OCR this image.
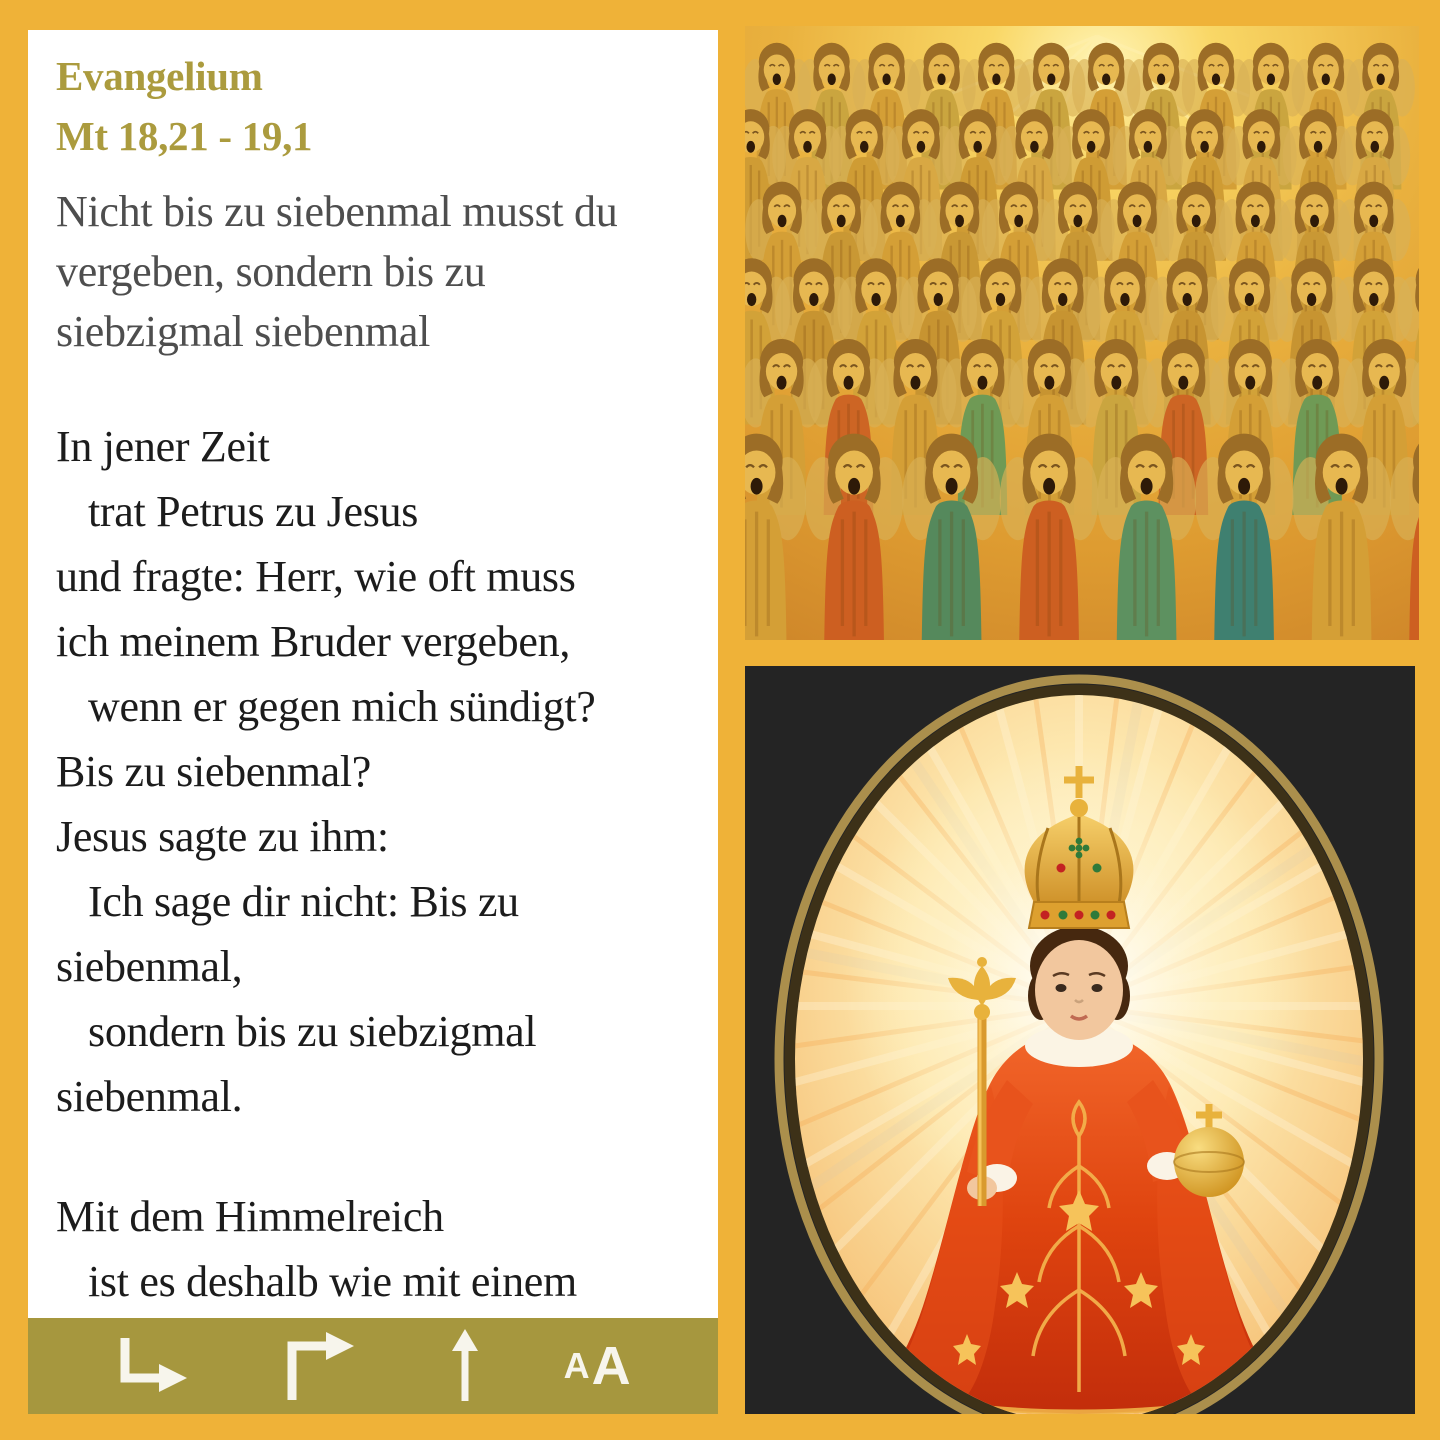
Evangelium
Mt 18,21 - 19,1
Nicht bis zu siebenmal musst du
vergeben, sondern bis zu
siebzigmal siebenmal
In jener Zeit
trat Petrus zu Jesus
und fragte: Herr, wie oft muss
ich meinem Bruder vergeben,
wenn er gegen mich sündigt?
Bis zu siebenmal?
Jesus sagte zu ihm:
Ich sage dir nicht: Bis zu
siebenmal,
sondern bis zu siebzigmal
siebenmal.
Mit dem Himmelreich
ist es deshalb wie mit einem
A A
